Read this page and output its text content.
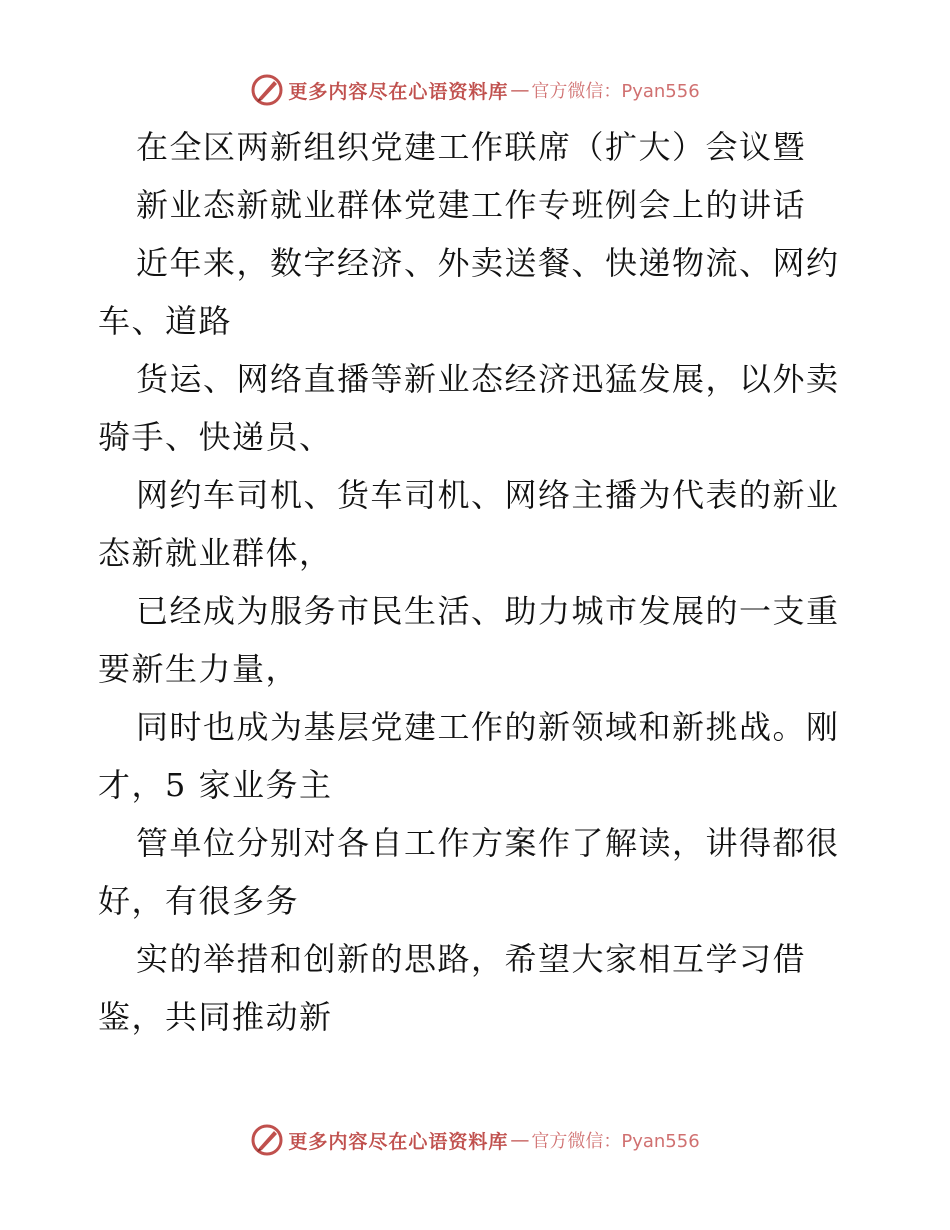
更多内容尽在心语资料库 — 官方微信：Pyan556
在全区两新组织党建工作联席（扩大）会议暨
新业态新就业群体党建工作专班例会上的讲话
近年来，数字经济、外卖送餐、快递物流、网约
车、道路
货运、网络直播等新业态经济迅猛发展，以外卖
骑手、快递员、
网约车司机、货车司机、网络主播为代表的新业
态新就业群体，
已经成为服务市民生活、助力城市发展的一支重
要新生力量，
同时也成为基层党建工作的新领域和新挑战。刚
才，5 家业务主
管单位分别对各自工作方案作了解读，讲得都很
好，有很多务
实的举措和创新的思路，希望大家相互学习借
鉴，共同推动新
更多内容尽在心语资料库 — 官方微信：Pyan556
